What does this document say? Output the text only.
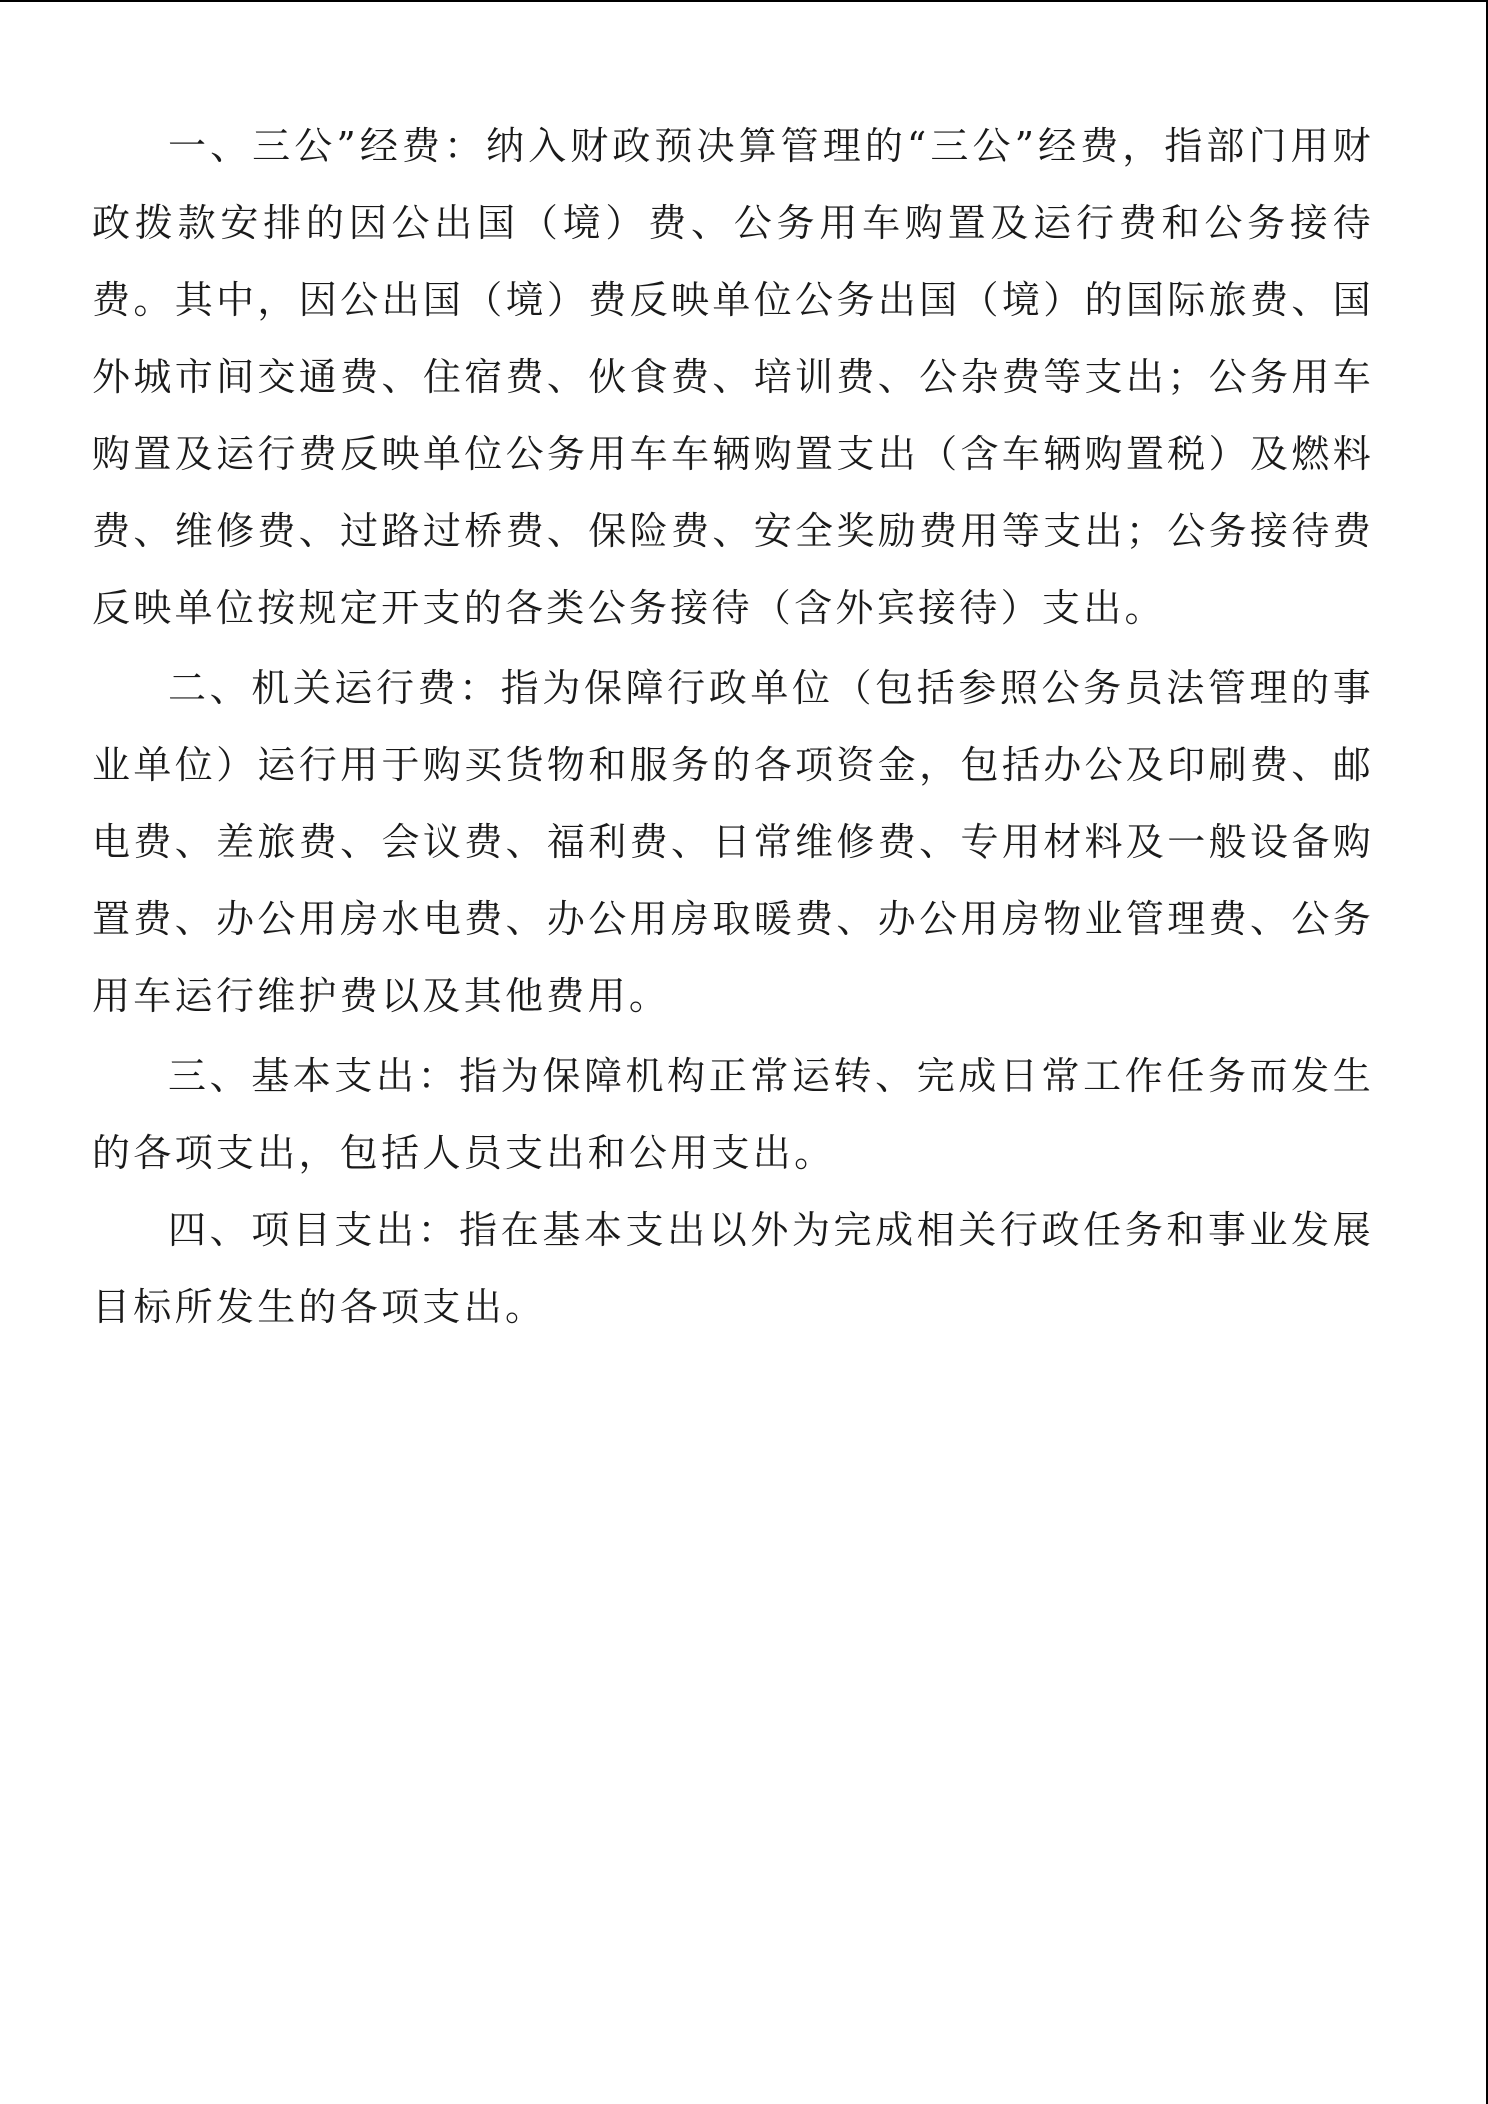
一、三公”经费：纳入财政预决算管理的“三公”经费，指部门用财政拨款安排的因公出国（境）费、公务用车购置及运行费和公务接待费。其中，因公出国（境）费反映单位公务出国（境）的国际旅费、国外城市间交通费、住宿费、伙食费、培训费、公杂费等支出；公务用车购置及运行费反映单位公务用车车辆购置支出（含车辆购置税）及燃料费、维修费、过路过桥费、保险费、安全奖励费用等支出；公务接待费反映单位按规定开支的各类公务接待（含外宾接待）支出。

二、机关运行费：指为保障行政单位（包括参照公务员法管理的事业单位）运行用于购买货物和服务的各项资金，包括办公及印刷费、邮电费、差旅费、会议费、福利费、日常维修费、专用材料及一般设备购置费、办公用房水电费、办公用房取暖费、办公用房物业管理费、公务用车运行维护费以及其他费用。

三、基本支出：指为保障机构正常运转、完成日常工作任务而发生的各项支出，包括人员支出和公用支出。

四、项目支出：指在基本支出以外为完成相关行政任务和事业发展目标所发生的各项支出。
